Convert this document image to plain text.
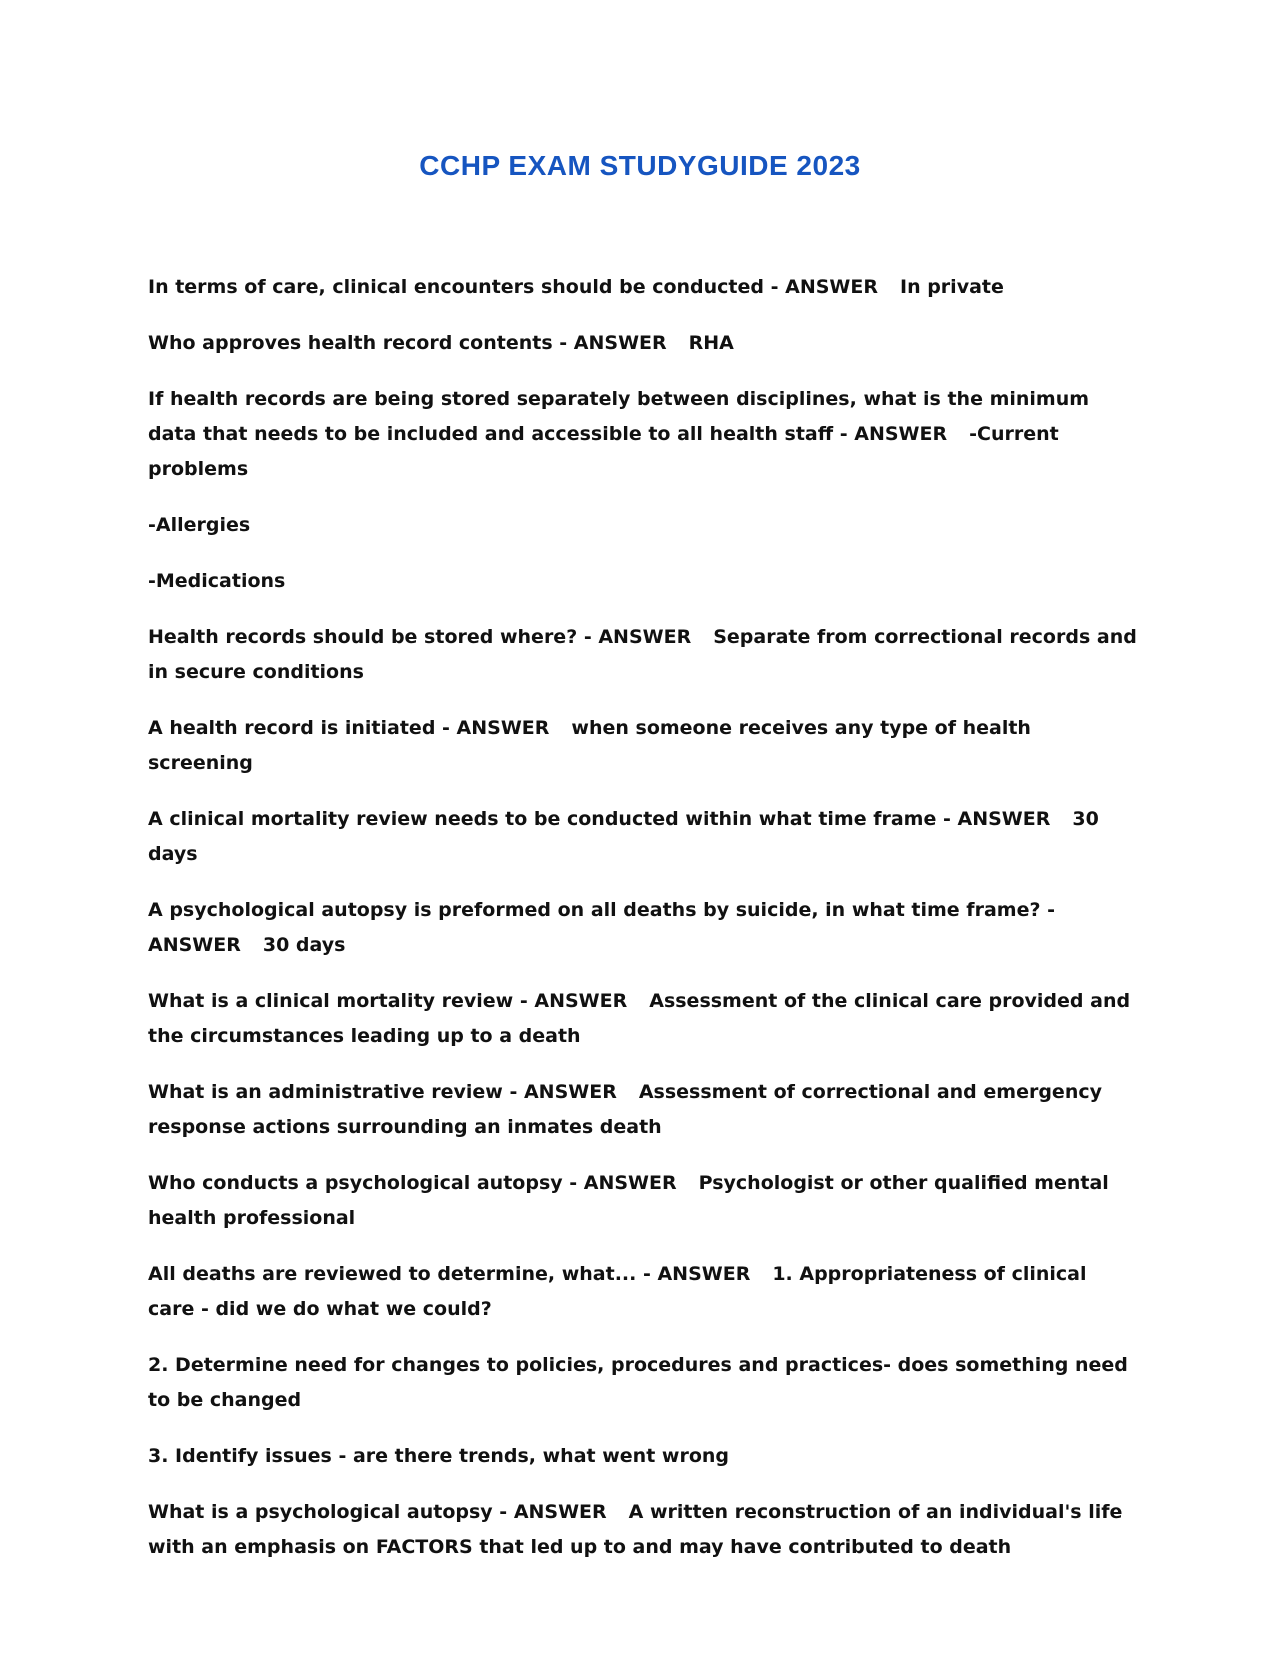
CCHP EXAM STUDYGUIDE 2023

In terms of care, clinical encounters should be conducted - ANSWER In private

Who approves health record contents - ANSWER RHA

If health records are being stored separately between disciplines, what is the minimum data that needs to be included and accessible to all health staff - ANSWER -Current problems

-Allergies

-Medications

Health records should be stored where? - ANSWER Separate from correctional records and in secure conditions

A health record is initiated - ANSWER when someone receives any type of health screening

A clinical mortality review needs to be conducted within what time frame - ANSWER 30 days

A psychological autopsy is preformed on all deaths by suicide, in what time frame? - ANSWER 30 days

What is a clinical mortality review - ANSWER Assessment of the clinical care provided and the circumstances leading up to a death

What is an administrative review - ANSWER Assessment of correctional and emergency response actions surrounding an inmates death

Who conducts a psychological autopsy - ANSWER Psychologist or other qualified mental health professional

All deaths are reviewed to determine, what... - ANSWER 1. Appropriateness of clinical care - did we do what we could?

2. Determine need for changes to policies, procedures and practices- does something need to be changed

3. Identify issues - are there trends, what went wrong

What is a psychological autopsy - ANSWER A written reconstruction of an individual's life with an emphasis on FACTORS that led up to and may have contributed to death
